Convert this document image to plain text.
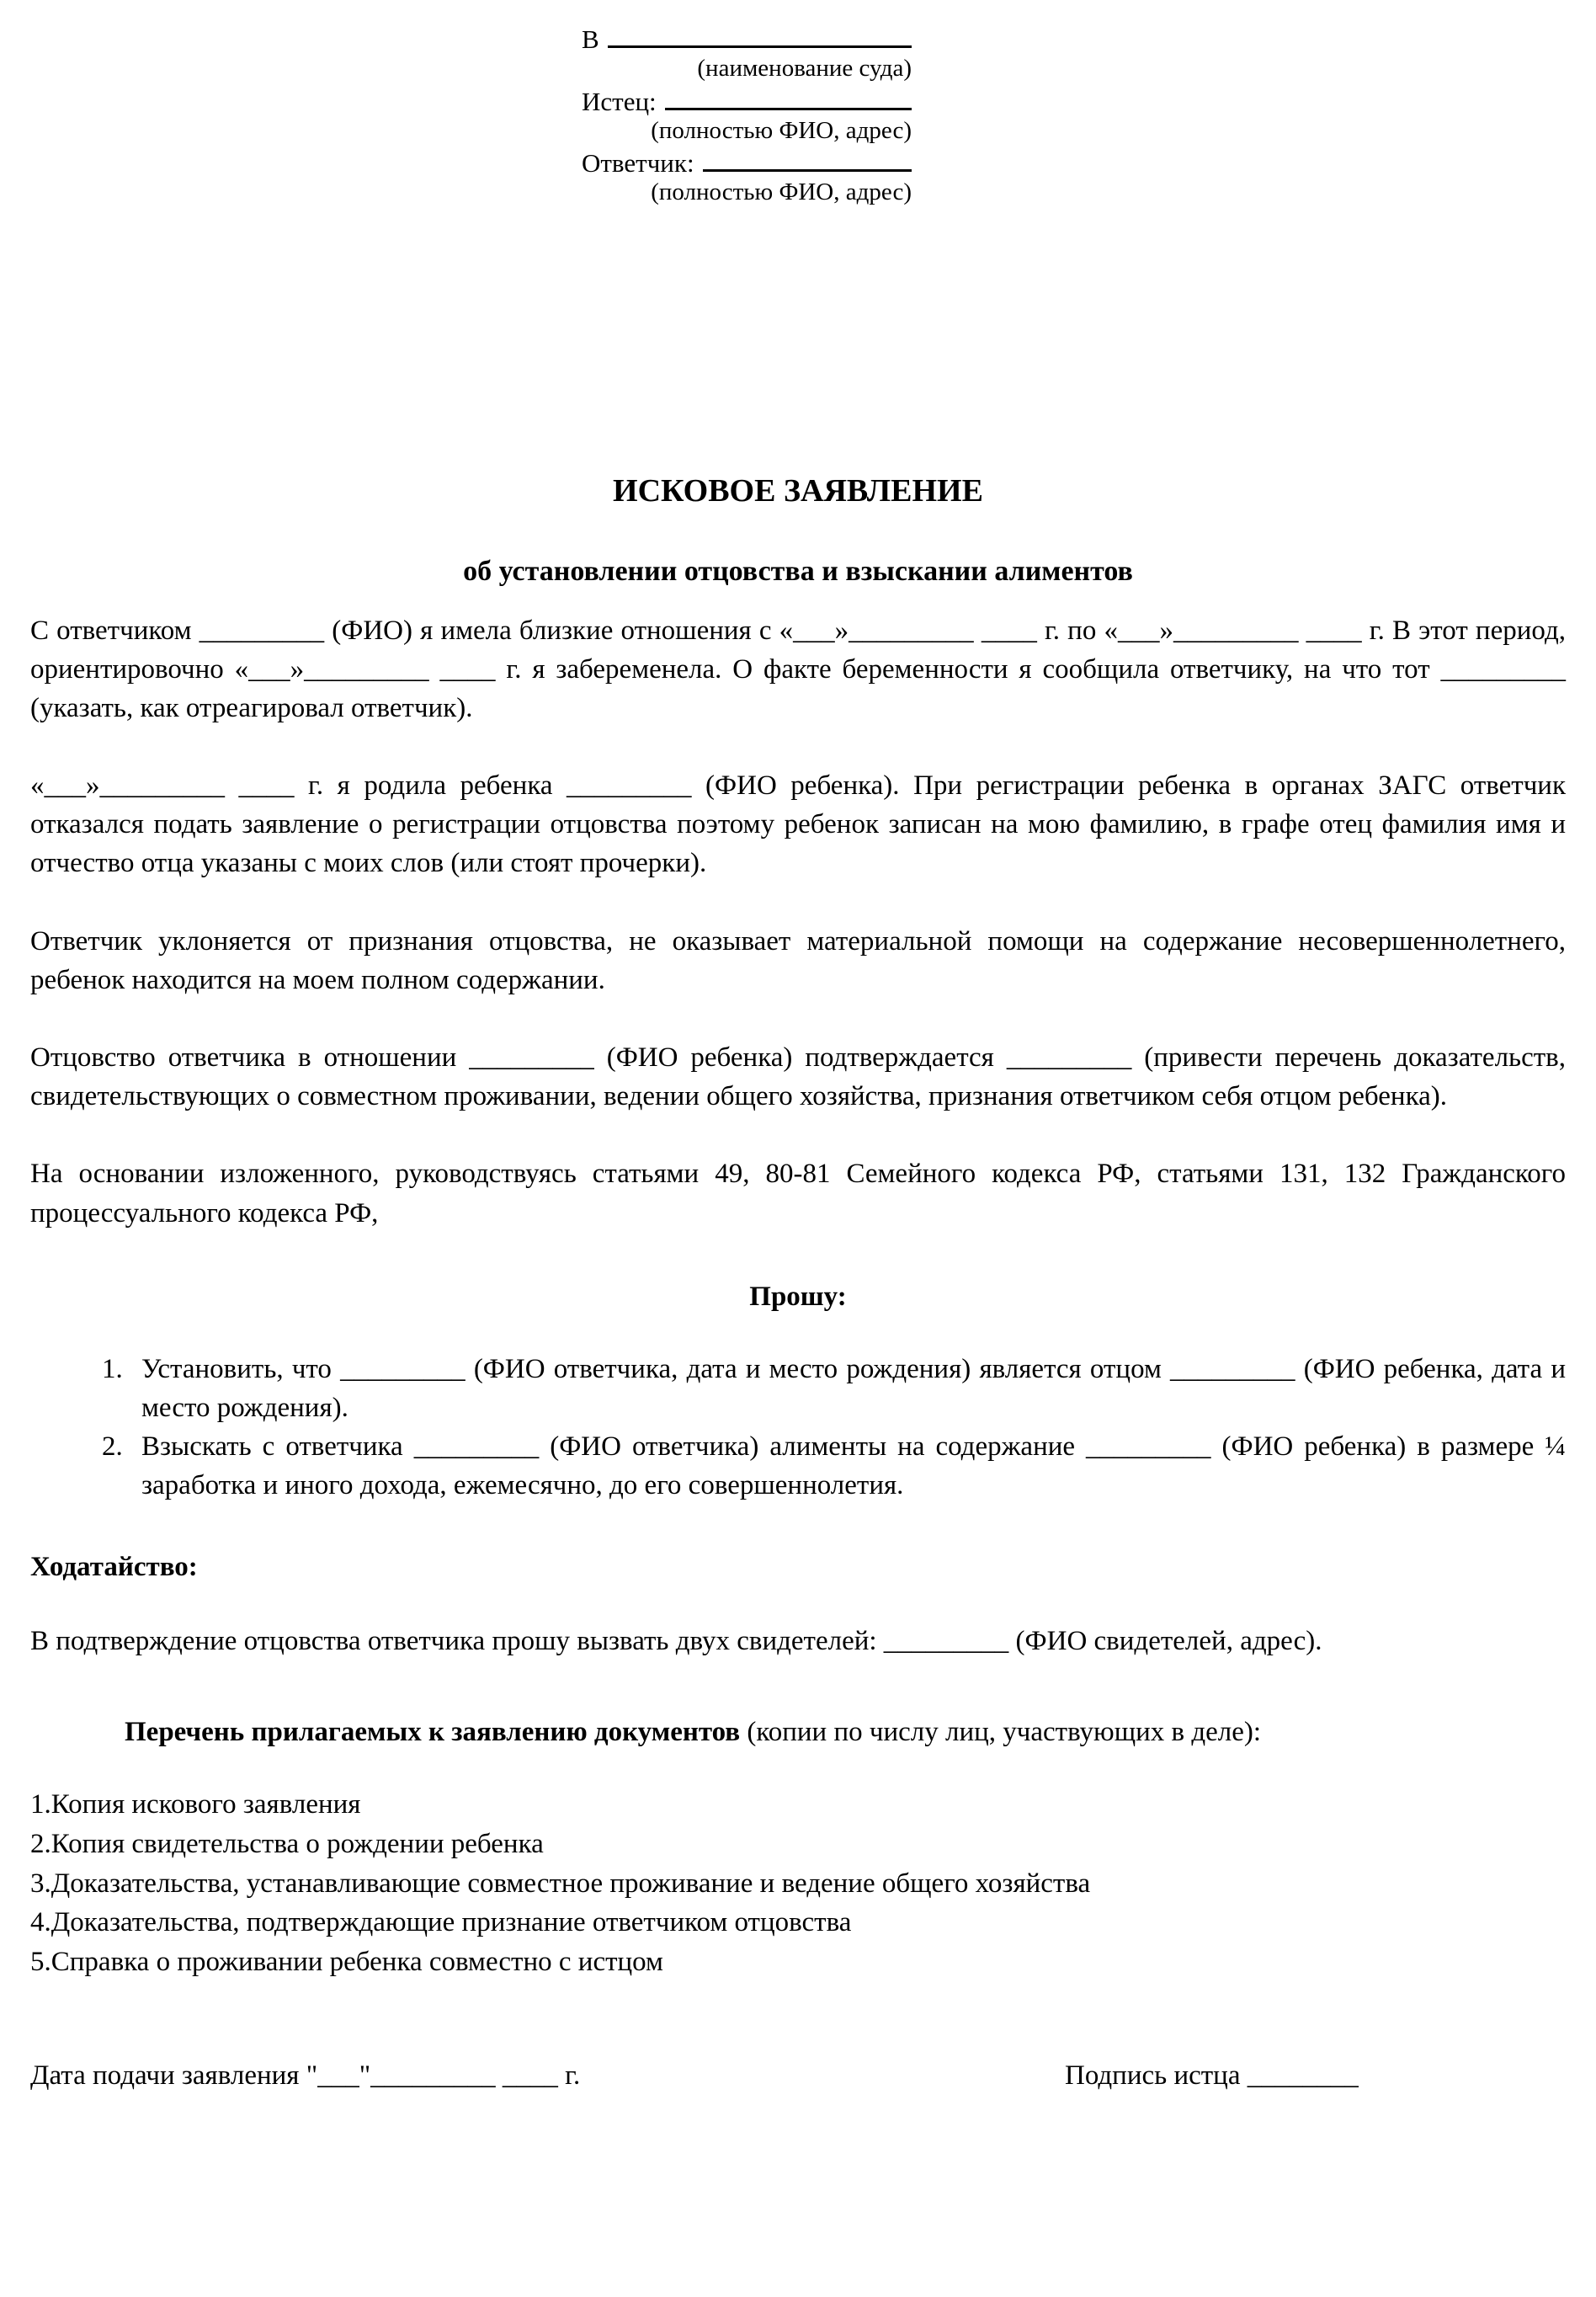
В
(наименование суда)
Истец:
(полностью ФИО, адрес)
Ответчик:
(полностью ФИО, адрес)
ИСКОВОЕ ЗАЯВЛЕНИЕ
об установлении отцовства и взыскании алиментов

С ответчиком _________ (ФИО) я имела близкие отношения с «___»_________ ____ г. по «___»_________ ____ г. В этот период, ориентировочно «___»_________ ____ г. я забеременела. О факте беременности я сообщила ответчику, на что тот _________ (указать, как отреагировал ответчик).

«___»_________ ____ г. я родила ребенка _________ (ФИО ребенка). При регистрации ребенка в органах ЗАГС ответчик отказался подать заявление о регистрации отцовства поэтому ребенок записан на мою фамилию, в графе отец фамилия имя и отчество отца указаны с моих слов (или стоят прочерки).

Ответчик уклоняется от признания отцовства, не оказывает материальной помощи на содержание несовершеннолетнего, ребенок находится на моем полном содержании.

Отцовство ответчика в отношении _________ (ФИО ребенка) подтверждается _________ (привести перечень доказательств, свидетельствующих о совместном проживании, ведении общего хозяйства, признания ответчиком себя отцом ребенка).

На основании изложенного, руководствуясь статьями 49, 80-81 Семейного кодекса РФ, статьями 131, 132 Гражданского процессуального кодекса РФ,

Прошу:
1. Установить, что _________ (ФИО ответчика, дата и место рождения) является отцом _________ (ФИО ребенка, дата и место рождения).
2. Взыскать с ответчика _________ (ФИО ответчика) алименты на содержание _________ (ФИО ребенка) в размере ¼ заработка и иного дохода, ежемесячно, до его совершеннолетия.
Ходатайство:

В подтверждение отцовства ответчика прошу вызвать двух свидетелей: _________ (ФИО свидетелей, адрес).

Перечень прилагаемых к заявлению документов (копии по числу лиц, участвующих в деле):

1.Копия искового заявления
2.Копия свидетельства о рождении ребенка
3.Доказательства, устанавливающие совместное проживание и ведение общего хозяйства
4.Доказательства, подтверждающие признание ответчиком отцовства
5.Справка о проживании ребенка совместно с истцом
Дата подачи заявления "___"_________ ____ г.	Подпись истца ________
